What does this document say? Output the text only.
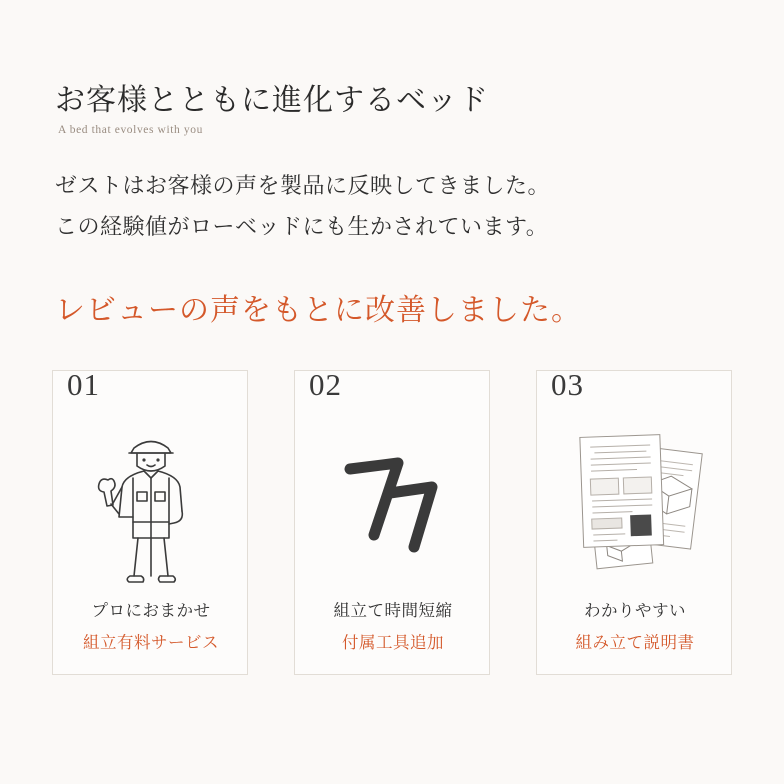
お客様とともに進化するベッド
A bed that evolves with you
ゼストはお客様の声を製品に反映してきました。
この経験値がローベッドにも生かされています。
レビューの声をもとに改善しました。
01
プロにおまかせ
組立有料サービス
02
組立て時間短縮
付属工具追加
03
わかりやすい
組み立て説明書
